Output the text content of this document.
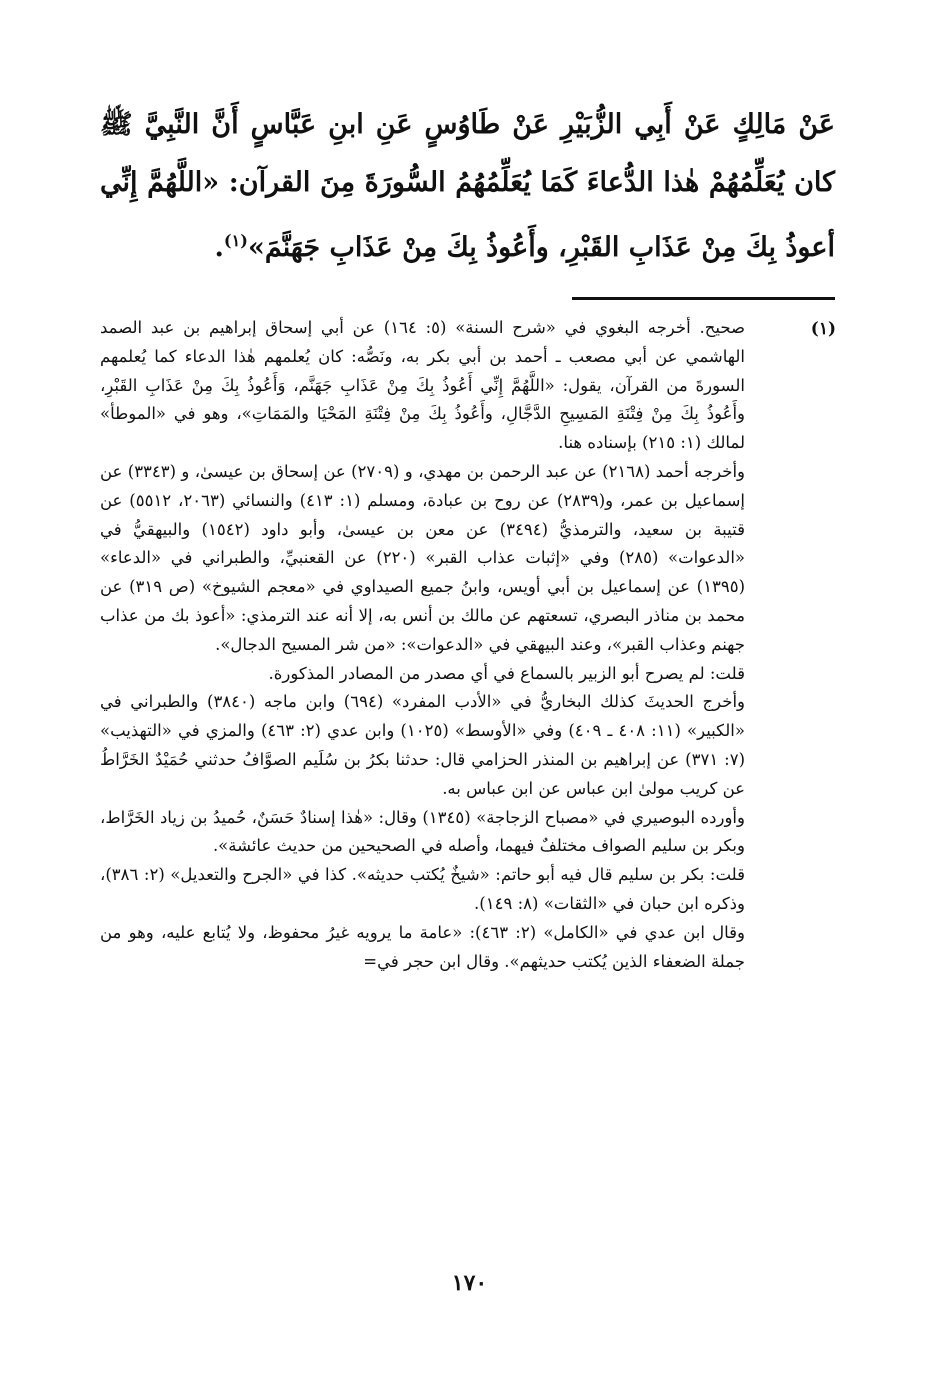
عَنْ مَالِكٍ عَنْ أَبِي الزُّبَيْرِ عَنْ طَاوُسٍ عَنِ ابنِ عَبَّاسٍ أَنَّ النَّبِيَّ ﷺ كان يُعَلِّمُهُمْ هٰذا الدُّعاءَ كَمَا يُعَلِّمُهُمُ السُّورَةَ مِنَ القرآن: «اللَّهُمَّ إِنِّي أعوذُ بِكَ مِنْ عَذَابِ القَبْرِ، وأَعُوذُ بِكَ مِنْ عَذَابِ جَهَنَّمَ»$^{(١)}$.
(١)

صحيح. أخرجه البغوي في «شرح السنة» (٥: ١٦٤) عن أبي إسحاق إبراهيم بن عبد الصمد الهاشمي عن أبي مصعب ـ أحمد بن أبي بكر به، ونَصُّه: كان يُعلمهم هٰذا الدعاء كما يُعلمهم السورةَ من القرآن، يقول: «اللَّهُمَّ إِنِّي أَعُوذُ بِكَ مِنْ عَذَابِ جَهَنَّم، وَأَعُوذُ بِكَ مِنْ عَذَابِ القَبْرِ، وأَعُوذُ بِكَ مِنْ فِتْنَةِ المَسِيحِ الدَّجَّالِ، وأَعُوذُ بِكَ مِنْ فِتْنَةِ المَحْيَا والمَمَاتِ»، وهو في «الموطأ» لمالك (١: ٢١٥) بإسناده هنا.

وأخرجه أحمد (٢١٦٨) عن عبد الرحمن بن مهدي، و (٢٧٠٩) عن إسحاق بن عيسىٰ، و (٣٣٤٣) عن إسماعيل بن عمر، و(٢٨٣٩) عن روح بن عبادة، ومسلم (١: ٤١٣) والنسائي (٢٠٦٣، ٥٥١٢) عن قتيبة بن سعيد، والترمذيُّ (٣٤٩٤) عن معن بن عيسىٰ، وأبو داود (١٥٤٢) والبيهقيُّ في «الدعوات» (٢٨٥) وفي «إثبات عذاب القبر» (٢٢٠) عن القعنبيِّ، والطبراني في «الدعاء» (١٣٩٥) عن إسماعيل بن أبي أويس، وابنُ جميع الصيداوي في «معجم الشيوخ» (ص ٣١٩) عن محمد بن مناذر البصري، تسعتهم عن مالك بن أنس به، إلا أنه عند الترمذي: «أعوذ بك من عذاب جهنم وعذاب القبر»، وعند البيهقي في «الدعوات»: «من شر المسيح الدجال».

قلت: لم يصرح أبو الزبير بالسماع في أي مصدر من المصادر المذكورة.

وأخرج الحديثَ كذلك البخاريُّ في «الأدب المفرد» (٦٩٤) وابن ماجه (٣٨٤٠) والطبراني في «الكبير» (١١: ٤٠٨ ـ ٤٠٩) وفي «الأوسط» (١٠٢٥) وابن عدي (٢: ٤٦٣) والمزي في «التهذيب» (٧: ٣٧١) عن إبراهيم بن المنذر الحزامي قال: حدثنا بكرُ بن سُلَيم الصوَّافُ حدثني حُمَيْدٌ الخَرَّاطُ عن كريب مولىٰ ابن عباس عن ابن عباس به.

وأورده البوصيري في «مصباح الزجاجة» (١٣٤٥) وقال: «هٰذا إسنادٌ حَسَنٌ، حُميدُ بن زياد الخَرَّاط، وبكر بن سليم الصواف مختلفٌ فيهما، وأصله في الصحيحين من حديث عائشة».

قلت: بكر بن سليم قال فيه أبو حاتم: «شيخٌ يُكتب حديثه». كذا في «الجرح والتعديل» (٢: ٣٨٦)، وذكره ابن حبان في «الثقات» (٨: ١٤٩).

وقال ابن عدي في «الكامل» (٢: ٤٦٣): «عامة ما يرويه غيرُ محفوظ، ولا يُتابع عليه، وهو من جملة الضعفاء الذين يُكتب حديثهم». وقال ابن حجر في=

١٧٠
